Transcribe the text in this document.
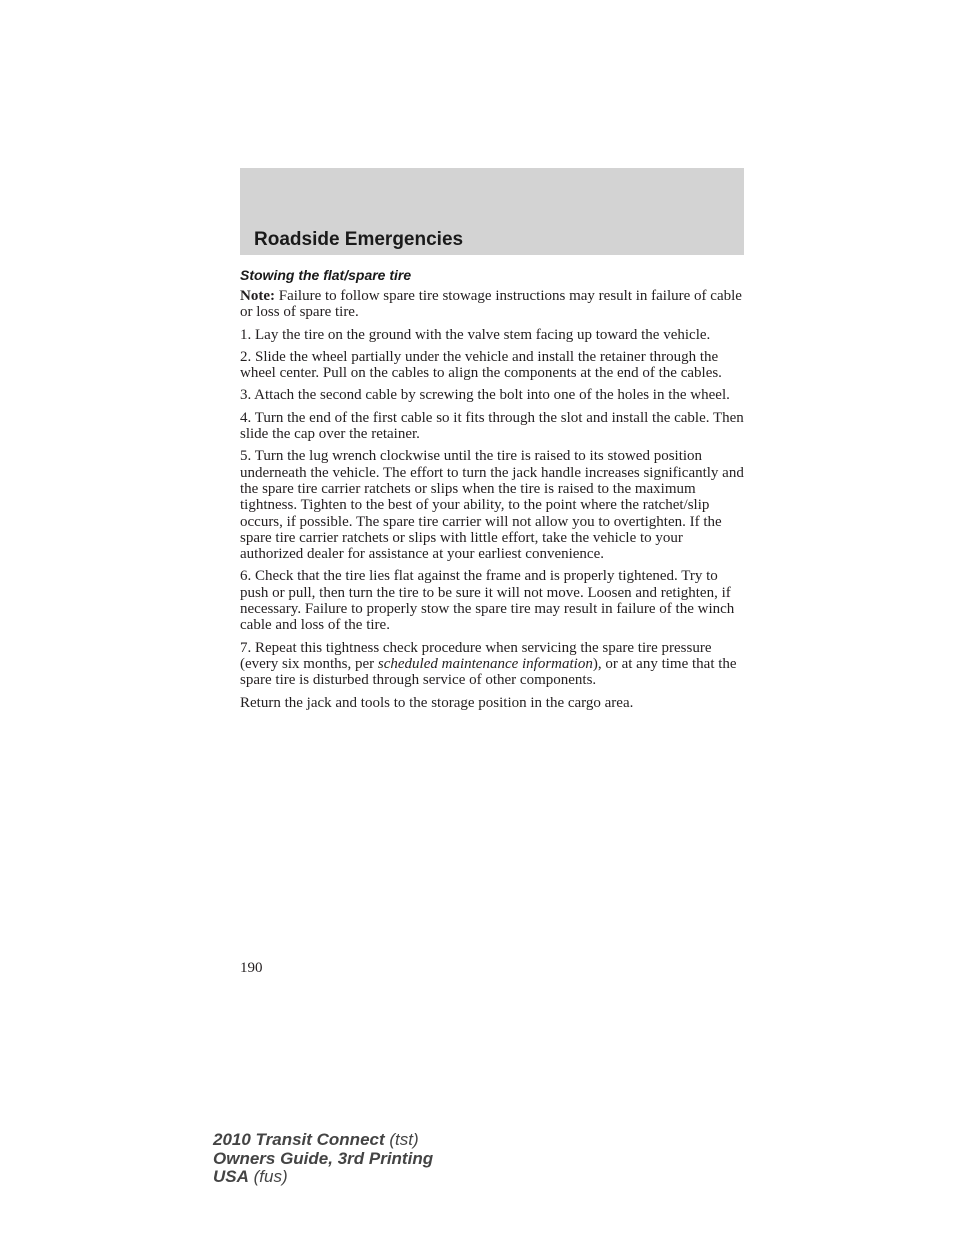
Roadside Emergencies
Stowing the flat/spare tire

Note: Failure to follow spare tire stowage instructions may result in failure of cable or loss of spare tire.

1. Lay the tire on the ground with the valve stem facing up toward the vehicle.

2. Slide the wheel partially under the vehicle and install the retainer through the wheel center. Pull on the cables to align the components at the end of the cables.

3. Attach the second cable by screwing the bolt into one of the holes in the wheel.

4. Turn the end of the first cable so it fits through the slot and install the cable. Then slide the cap over the retainer.

5. Turn the lug wrench clockwise until the tire is raised to its stowed position underneath the vehicle. The effort to turn the jack handle increases significantly and the spare tire carrier ratchets or slips when the tire is raised to the maximum tightness. Tighten to the best of your ability, to the point where the ratchet/slip occurs, if possible. The spare tire carrier will not allow you to overtighten. If the spare tire carrier ratchets or slips with little effort, take the vehicle to your authorized dealer for assistance at your earliest convenience.

6. Check that the tire lies flat against the frame and is properly tightened. Try to push or pull, then turn the tire to be sure it will not move. Loosen and retighten, if necessary. Failure to properly stow the spare tire may result in failure of the winch cable and loss of the tire.

7. Repeat this tightness check procedure when servicing the spare tire pressure (every six months, per scheduled maintenance information), or at any time that the spare tire is disturbed through service of other components.

Return the jack and tools to the storage position in the cargo area.

190
2010 Transit Connect (tst)
Owners Guide, 3rd Printing
USA (fus)
